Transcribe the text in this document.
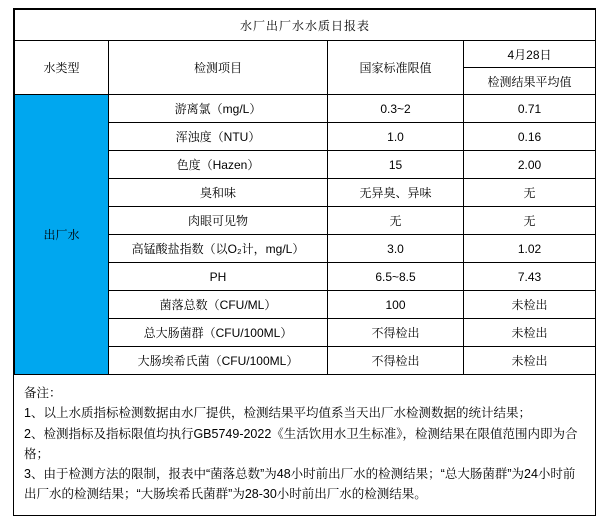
水厂出厂水水质日报表			
水类型	检测项目	国家标准限值	4月28日
			检测结果平均值
出厂水	游离氯（mg/L）	0.3~2	0.71
	浑浊度（NTU）	1.0	0.16
	色度（Hazen）	15	2.00
	臭和味	无异臭、异味	无
	肉眼可见物	无	无
	高锰酸盐指数（以O₂计，mg/L）	3.0	1.02
	PH	6.5~8.5	7.43
	菌落总数（CFU/ML）	100	未检出
	总大肠菌群（CFU/100ML）	不得检出	未检出
	大肠埃希氏菌（CFU/100ML）	不得检出	未检出
备注：
1、以上水质指标检测数据由水厂提供，检测结果平均值系当天出厂水检测数据的统计结果；
2、检测指标及指标限值均执行GB5749-2022《生活饮用水卫生标准》，检测结果在限值范围内即为合格；
3、由于检测方法的限制，报表中“菌落总数”为48小时前出厂水的检测结果；“总大肠菌群”为24小时前出厂水的检测结果；“大肠埃希氏菌群”为28-30小时前出厂水的检测结果。
